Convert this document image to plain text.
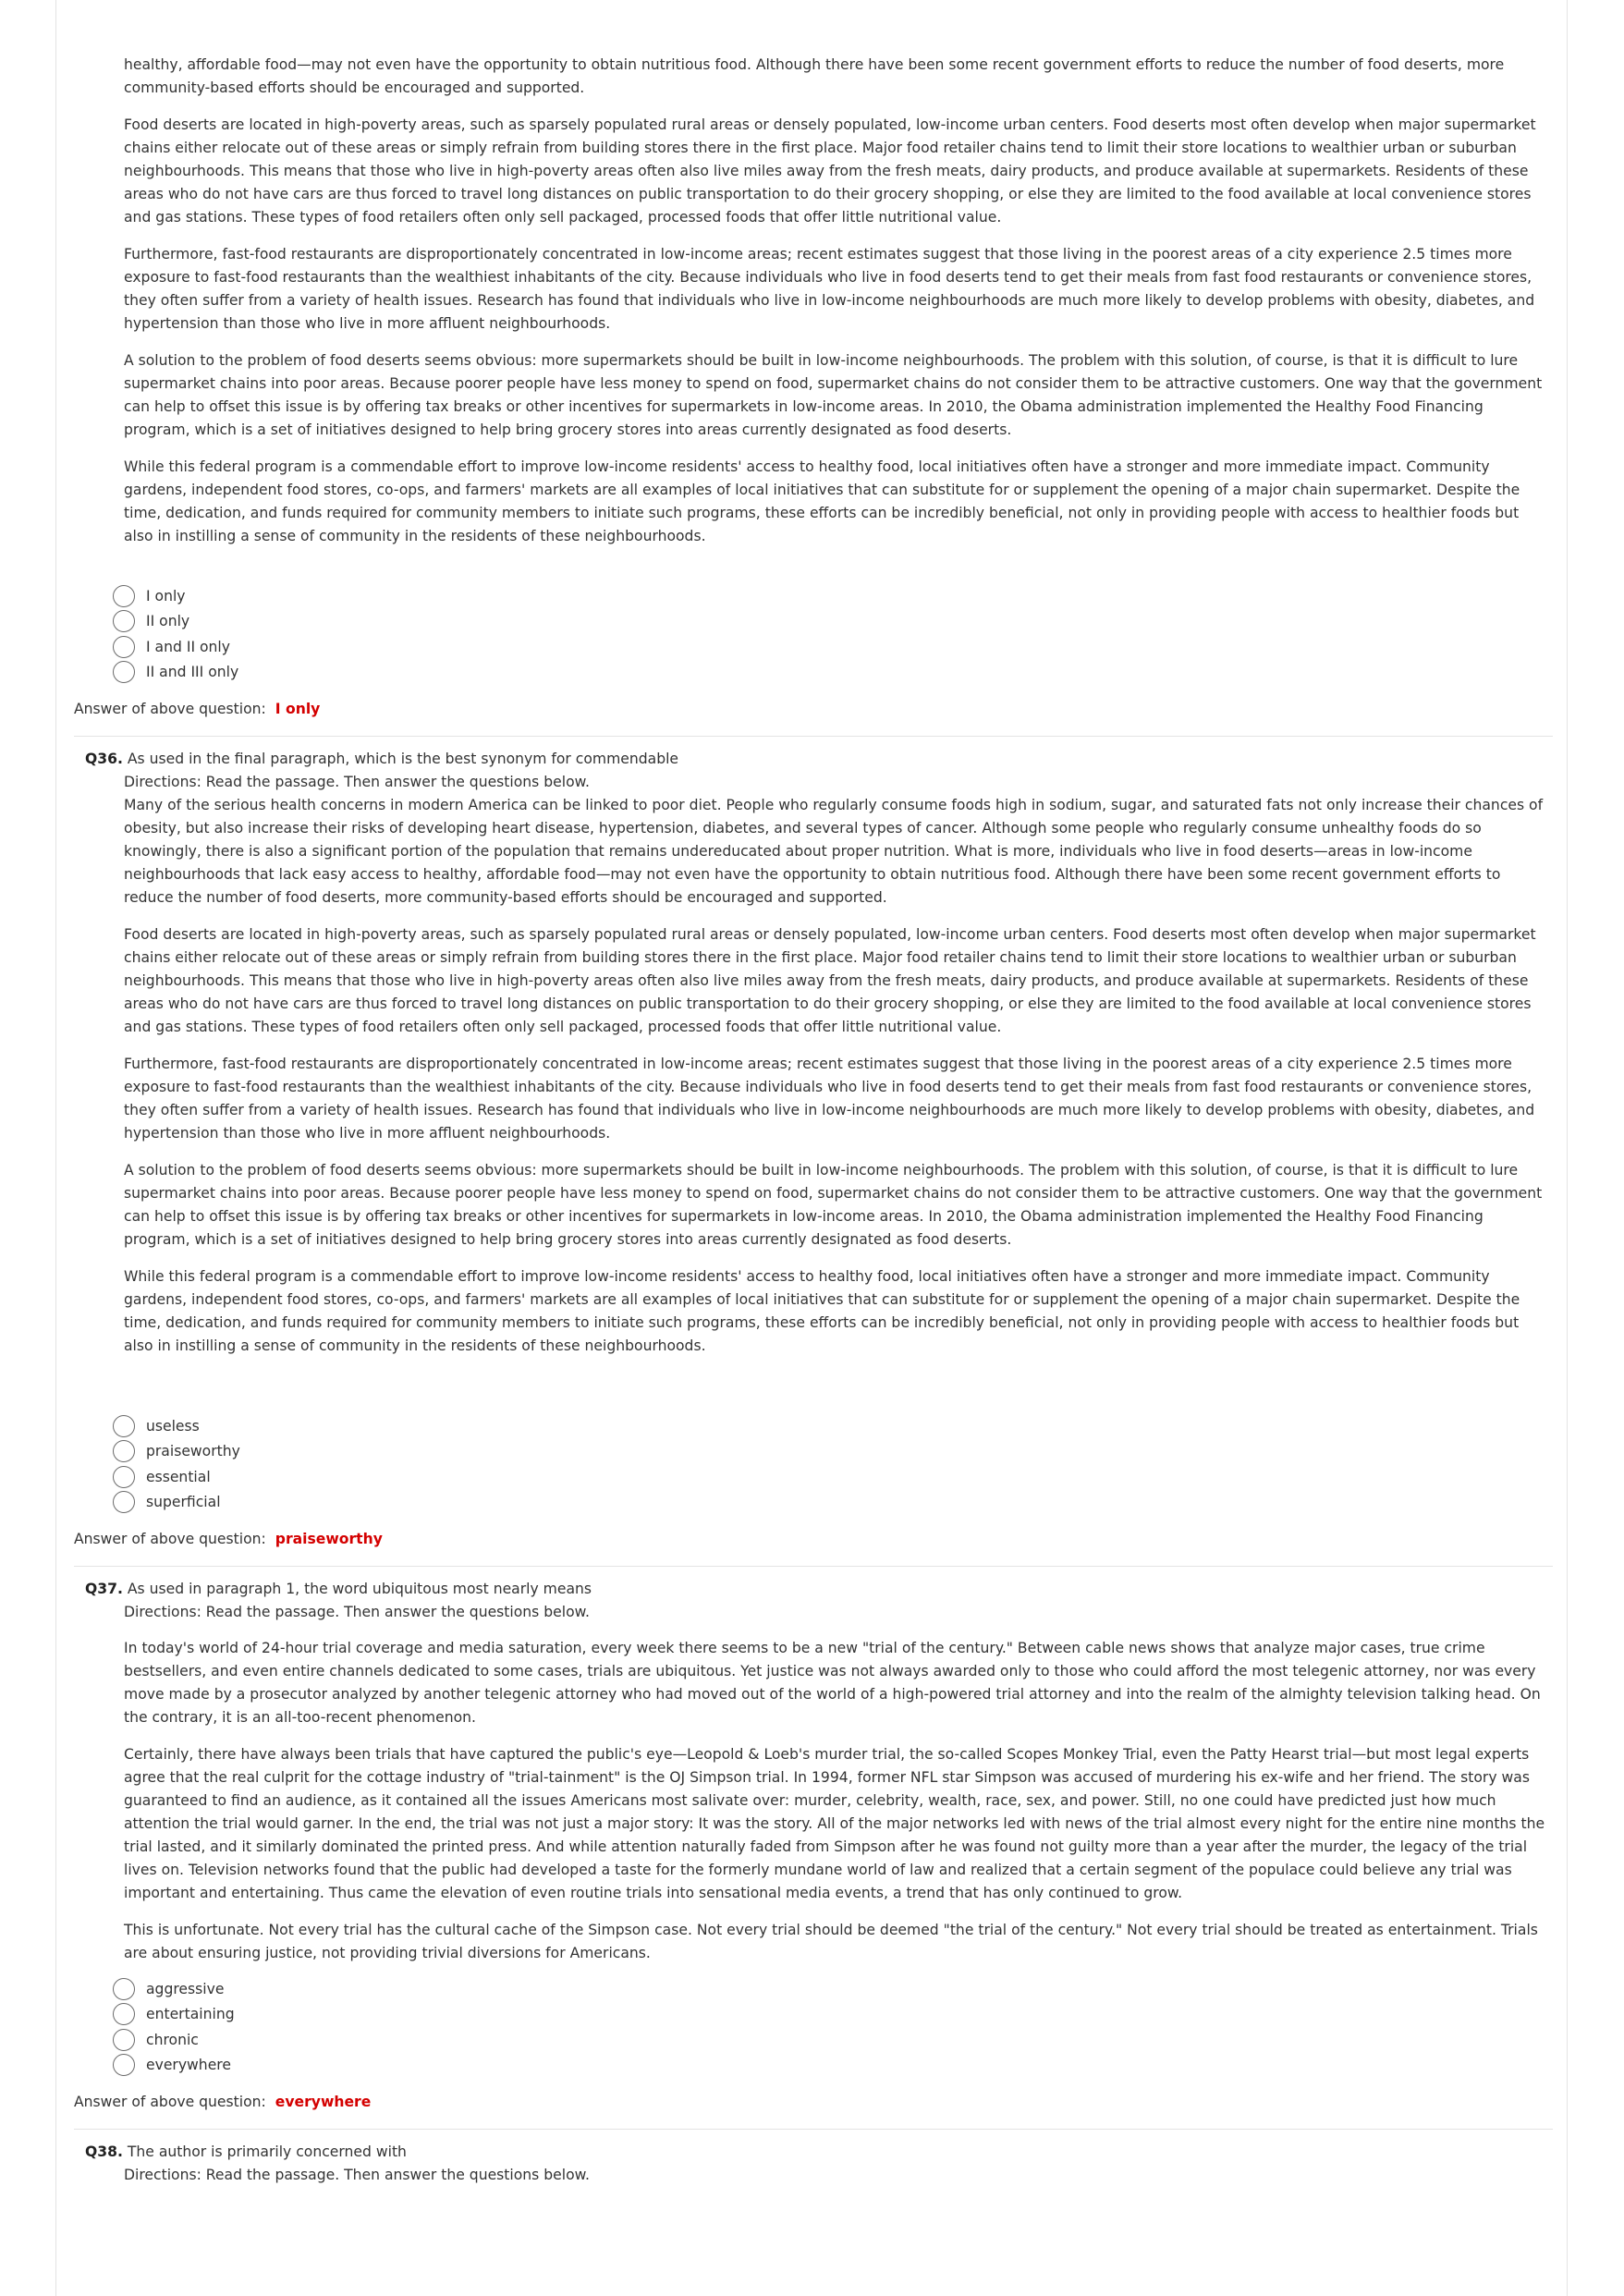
healthy, affordable food—may not even have the opportunity to obtain nutritious food. Although there have been some recent government efforts to reduce the number of food deserts, more community-based efforts should be encouraged and supported.

Food deserts are located in high-poverty areas, such as sparsely populated rural areas or densely populated, low-income urban centers. Food deserts most often develop when major supermarket chains either relocate out of these areas or simply refrain from building stores there in the first place. Major food retailer chains tend to limit their store locations to wealthier urban or suburban neighbourhoods. This means that those who live in high-poverty areas often also live miles away from the fresh meats, dairy products, and produce available at supermarkets. Residents of these areas who do not have cars are thus forced to travel long distances on public transportation to do their grocery shopping, or else they are limited to the food available at local convenience stores and gas stations. These types of food retailers often only sell packaged, processed foods that offer little nutritional value.

Furthermore, fast-food restaurants are disproportionately concentrated in low-income areas; recent estimates suggest that those living in the poorest areas of a city experience 2.5 times more exposure to fast-food restaurants than the wealthiest inhabitants of the city. Because individuals who live in food deserts tend to get their meals from fast food restaurants or convenience stores, they often suffer from a variety of health issues. Research has found that individuals who live in low-income neighbourhoods are much more likely to develop problems with obesity, diabetes, and hypertension than those who live in more affluent neighbourhoods.

A solution to the problem of food deserts seems obvious: more supermarkets should be built in low-income neighbourhoods. The problem with this solution, of course, is that it is difficult to lure supermarket chains into poor areas. Because poorer people have less money to spend on food, supermarket chains do not consider them to be attractive customers. One way that the government can help to offset this issue is by offering tax breaks or other incentives for supermarkets in low-income areas. In 2010, the Obama administration implemented the Healthy Food Financing program, which is a set of initiatives designed to help bring grocery stores into areas currently designated as food deserts.

While this federal program is a commendable effort to improve low-income residents' access to healthy food, local initiatives often have a stronger and more immediate impact. Community gardens, independent food stores, co-ops, and farmers' markets are all examples of local initiatives that can substitute for or supplement the opening of a major chain supermarket. Despite the time, dedication, and funds required for community members to initiate such programs, these efforts can be incredibly beneficial, not only in providing people with access to healthier foods but also in instilling a sense of community in the residents of these neighbourhoods.

I only
II only
I and II only
II and III only
Answer of above question: I only
Q36. As used in the final paragraph, which is the best synonym for commendable
Directions: Read the passage. Then answer the questions below.

Many of the serious health concerns in modern America can be linked to poor diet. People who regularly consume foods high in sodium, sugar, and saturated fats not only increase their chances of obesity, but also increase their risks of developing heart disease, hypertension, diabetes, and several types of cancer. Although some people who regularly consume unhealthy foods do so knowingly, there is also a significant portion of the population that remains undereducated about proper nutrition. What is more, individuals who live in food deserts—areas in low-income neighbourhoods that lack easy access to healthy, affordable food—may not even have the opportunity to obtain nutritious food. Although there have been some recent government efforts to reduce the number of food deserts, more community-based efforts should be encouraged and supported.

Food deserts are located in high-poverty areas, such as sparsely populated rural areas or densely populated, low-income urban centers. Food deserts most often develop when major supermarket chains either relocate out of these areas or simply refrain from building stores there in the first place. Major food retailer chains tend to limit their store locations to wealthier urban or suburban neighbourhoods. This means that those who live in high-poverty areas often also live miles away from the fresh meats, dairy products, and produce available at supermarkets. Residents of these areas who do not have cars are thus forced to travel long distances on public transportation to do their grocery shopping, or else they are limited to the food available at local convenience stores and gas stations. These types of food retailers often only sell packaged, processed foods that offer little nutritional value.

Furthermore, fast-food restaurants are disproportionately concentrated in low-income areas; recent estimates suggest that those living in the poorest areas of a city experience 2.5 times more exposure to fast-food restaurants than the wealthiest inhabitants of the city. Because individuals who live in food deserts tend to get their meals from fast food restaurants or convenience stores, they often suffer from a variety of health issues. Research has found that individuals who live in low-income neighbourhoods are much more likely to develop problems with obesity, diabetes, and hypertension than those who live in more affluent neighbourhoods.

A solution to the problem of food deserts seems obvious: more supermarkets should be built in low-income neighbourhoods. The problem with this solution, of course, is that it is difficult to lure supermarket chains into poor areas. Because poorer people have less money to spend on food, supermarket chains do not consider them to be attractive customers. One way that the government can help to offset this issue is by offering tax breaks or other incentives for supermarkets in low-income areas. In 2010, the Obama administration implemented the Healthy Food Financing program, which is a set of initiatives designed to help bring grocery stores into areas currently designated as food deserts.

While this federal program is a commendable effort to improve low-income residents' access to healthy food, local initiatives often have a stronger and more immediate impact. Community gardens, independent food stores, co-ops, and farmers' markets are all examples of local initiatives that can substitute for or supplement the opening of a major chain supermarket. Despite the time, dedication, and funds required for community members to initiate such programs, these efforts can be incredibly beneficial, not only in providing people with access to healthier foods but also in instilling a sense of community in the residents of these neighbourhoods.

useless
praiseworthy
essential
superficial
Answer of above question: praiseworthy
Q37. As used in paragraph 1, the word ubiquitous most nearly means
Directions: Read the passage. Then answer the questions below.

In today's world of 24-hour trial coverage and media saturation, every week there seems to be a new "trial of the century." Between cable news shows that analyze major cases, true crime bestsellers, and even entire channels dedicated to some cases, trials are ubiquitous. Yet justice was not always awarded only to those who could afford the most telegenic attorney, nor was every move made by a prosecutor analyzed by another telegenic attorney who had moved out of the world of a high-powered trial attorney and into the realm of the almighty television talking head. On the contrary, it is an all-too-recent phenomenon.

Certainly, there have always been trials that have captured the public's eye—Leopold & Loeb's murder trial, the so-called Scopes Monkey Trial, even the Patty Hearst trial—but most legal experts agree that the real culprit for the cottage industry of "trial-tainment" is the OJ Simpson trial. In 1994, former NFL star Simpson was accused of murdering his ex-wife and her friend. The story was guaranteed to find an audience, as it contained all the issues Americans most salivate over: murder, celebrity, wealth, race, sex, and power. Still, no one could have predicted just how much attention the trial would garner. In the end, the trial was not just a major story: It was the story. All of the major networks led with news of the trial almost every night for the entire nine months the trial lasted, and it similarly dominated the printed press. And while attention naturally faded from Simpson after he was found not guilty more than a year after the murder, the legacy of the trial lives on. Television networks found that the public had developed a taste for the formerly mundane world of law and realized that a certain segment of the populace could believe any trial was important and entertaining. Thus came the elevation of even routine trials into sensational media events, a trend that has only continued to grow.

This is unfortunate. Not every trial has the cultural cache of the Simpson case. Not every trial should be deemed "the trial of the century." Not every trial should be treated as entertainment. Trials are about ensuring justice, not providing trivial diversions for Americans.

aggressive
entertaining
chronic
everywhere
Answer of above question: everywhere
Q38. The author is primarily concerned with
Directions: Read the passage. Then answer the questions below.
